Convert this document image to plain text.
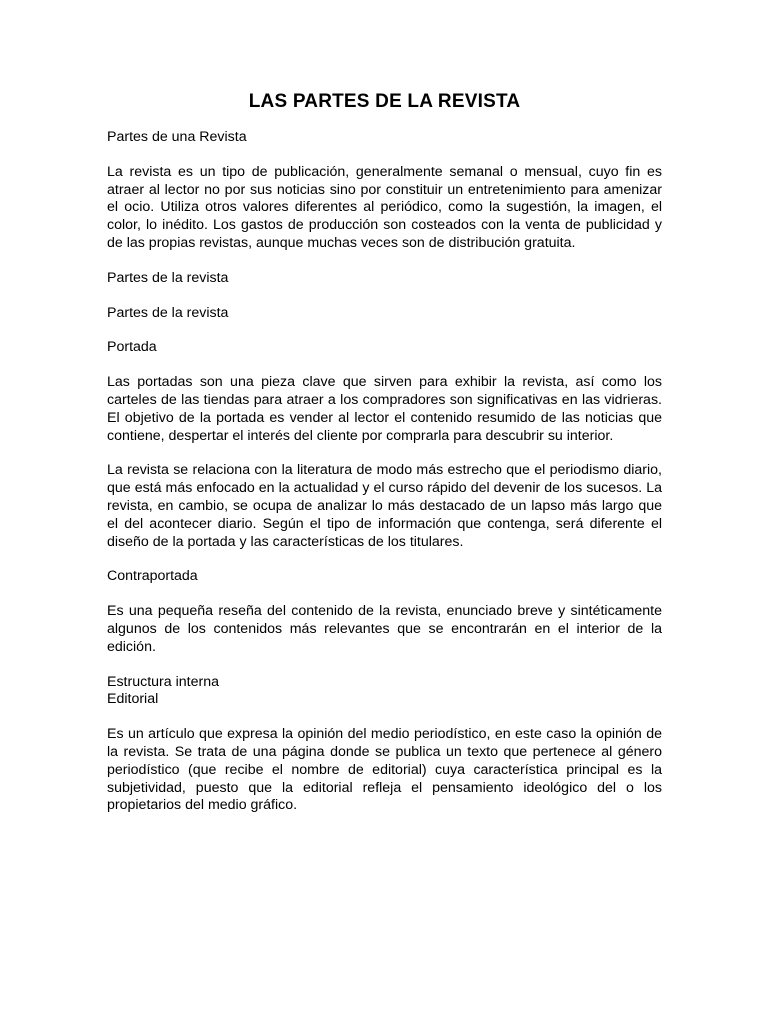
LAS PARTES DE LA REVISTA
Partes de una Revista
La revista es un tipo de publicación, generalmente semanal o mensual, cuyo fin es atraer al lector no por sus noticias sino por constituir un entretenimiento para amenizar el ocio. Utiliza otros valores diferentes al periódico, como la sugestión, la imagen, el color, lo inédito. Los gastos de producción son costeados con la venta de publicidad y de las propias revistas, aunque muchas veces son de distribución gratuita.
Partes de la revista
Partes de la revista
Portada
Las portadas son una pieza clave que sirven para exhibir la revista, así como los carteles de las tiendas para atraer a los compradores son significativas en las vidrieras. El objetivo de la portada es vender al lector el contenido resumido de las noticias que contiene, despertar el interés del cliente por comprarla para descubrir su interior.
La revista se relaciona con la literatura de modo más estrecho que el periodismo diario, que está más enfocado en la actualidad y el curso rápido del devenir de los sucesos. La revista, en cambio, se ocupa de analizar lo más destacado de un lapso más largo que el del acontecer diario. Según el tipo de información que contenga, será diferente el diseño de la portada y las características de los titulares.
Contraportada
Es una pequeña reseña del contenido de la revista, enunciado breve y sintéticamente algunos de los contenidos más relevantes que se encontrarán en el interior de la edición.
Estructura interna
Editorial
Es un artículo que expresa la opinión del medio periodístico, en este caso la opinión de la revista. Se trata de una página donde se publica un texto que pertenece al género periodístico (que recibe el nombre de editorial) cuya característica principal es la subjetividad, puesto que la editorial refleja el pensamiento ideológico del o los propietarios del medio gráfico.
